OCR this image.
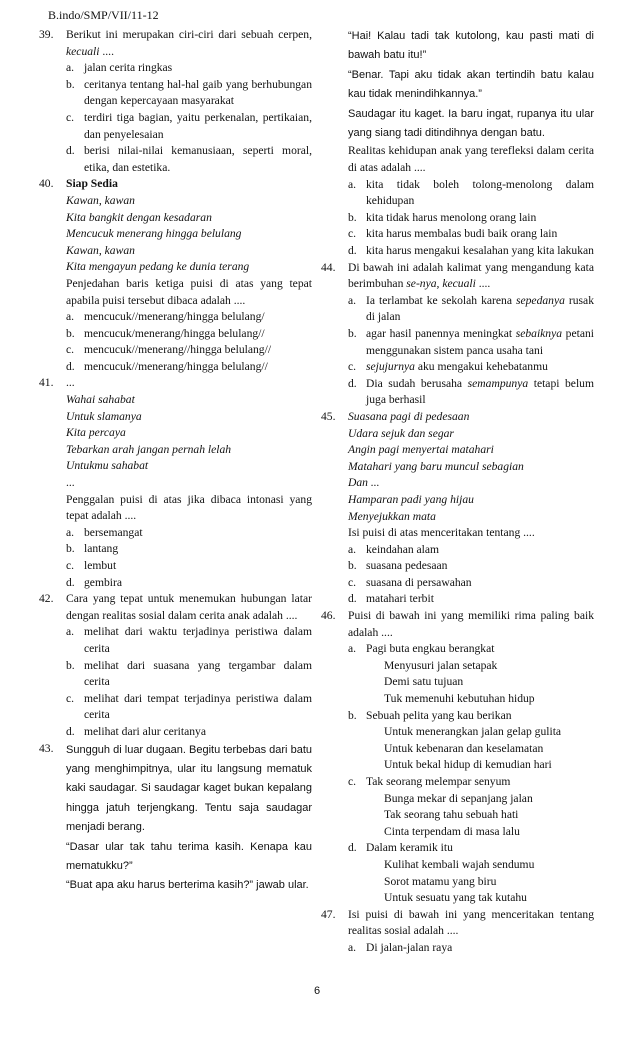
B.indo/SMP/VII/11-12
39. Berikut ini merupakan ciri-ciri dari sebuah cerpen, kecuali ....
a. jalan cerita ringkas
b. ceritanya tentang hal-hal gaib yang berhubungan dengan kepercayaan masyarakat
c. terdiri tiga bagian, yaitu perkenalan, pertikaian, dan penyelesaian
d. berisi nilai-nilai kemanusiaan, seperti moral, etika, dan estetika.
40. Siap Sedia
Kawan, kawan
Kita bangkit dengan kesadaran
Mencucuk menerang hingga belulang
Kawan, kawan
Kita mengayun pedang ke dunia terang
Penjedahan baris ketiga puisi di atas yang tepat apabila puisi tersebut dibaca adalah ....
a. mencucuk//menerang/hingga belulang/
b. mencucuk/menerang/hingga belulang//
c. mencucuk//menerang//hingga belulang//
d. mencucuk//menerang/hingga belulang//
41. ...
Wahai sahabat
Untuk slamanya
Kita percaya
Tebarkan arah jangan pernah lelah
Untukmu sahabat
...
Penggalan puisi di atas jika dibaca intonasi yang tepat adalah ....
a. bersemangat
b. lantang
c. lembut
d. gembira
42. Cara yang tepat untuk menemukan hubungan latar dengan realitas sosial dalam cerita anak adalah ....
a. melihat dari waktu terjadinya peristiwa dalam cerita
b. melihat dari suasana yang tergambar dalam cerita
c. melihat dari tempat terjadinya peristiwa dalam cerita
d. melihat dari alur ceritanya
43. Sungguh di luar dugaan. Begitu terbebas dari batu yang menghimpitnya, ular itu langsung mematuk kaki saudagar. Si saudagar kaget bukan kepalang hingga jatuh terjengkang. Tentu saja saudagar menjadi berang.
“Dasar ular tak tahu terima kasih. Kenapa kau mematukku?”
“Buat apa aku harus berterima kasih?” jawab ular.
“Hai! Kalau tadi tak kutolong, kau pasti mati di bawah batu itu!”
“Benar. Tapi aku tidak akan tertindih batu kalau kau tidak menindihkannya.”
Saudagar itu kaget. Ia baru ingat, rupanya itu ular yang siang tadi ditindihnya dengan batu.
Realitas kehidupan anak yang terefleksi dalam cerita di atas adalah ....
a. kita tidak boleh tolong-menolong dalam kehidupan
b. kita tidak harus menolong orang lain
c. kita harus membalas budi baik orang lain
d. kita harus mengakui kesalahan yang kita lakukan
44. Di bawah ini adalah kalimat yang mengandung kata berimbuhan se-nya, kecuali ....
a. Ia terlambat ke sekolah karena sepedanya rusak di jalan
b. agar hasil panennya meningkat sebaiknya petani menggunakan sistem panca usaha tani
c. sejujurnya aku mengakui kehebatanmu
d. Dia sudah berusaha semampunya tetapi belum juga berhasil
45. Suasana pagi di pedesaan
Udara sejuk dan segar
Angin pagi menyertai matahari
Matahari yang baru muncul sebagian
Dan ...
Hamparan padi yang hijau
Menyejukkan mata
Isi puisi di atas menceritakan tentang ....
a. keindahan alam
b. suasana pedesaan
c. suasana di persawahan
d. matahari terbit
46. Puisi di bawah ini yang memiliki rima paling baik adalah ....
a. Pagi buta engkau berangkat
Menyusuri jalan setapak
Demi satu tujuan
Tuk memenuhi kebutuhan hidup
b. Sebuah pelita yang kau berikan
Untuk menerangkan jalan gelap gulita
Untuk kebenaran dan keselamatan
Untuk bekal hidup di kemudian hari
c. Tak seorang melempar senyum
Bunga mekar di sepanjang jalan
Tak seorang tahu sebuah hati
Cinta terpendam di masa lalu
d. Dalam keramik itu
Kulihat kembali wajah sendumu
Sorot matamu yang biru
Untuk sesuatu yang tak kutahu
47. Isi puisi di bawah ini yang menceritakan tentang realitas sosial adalah ....
a. Di jalan-jalan raya
6
